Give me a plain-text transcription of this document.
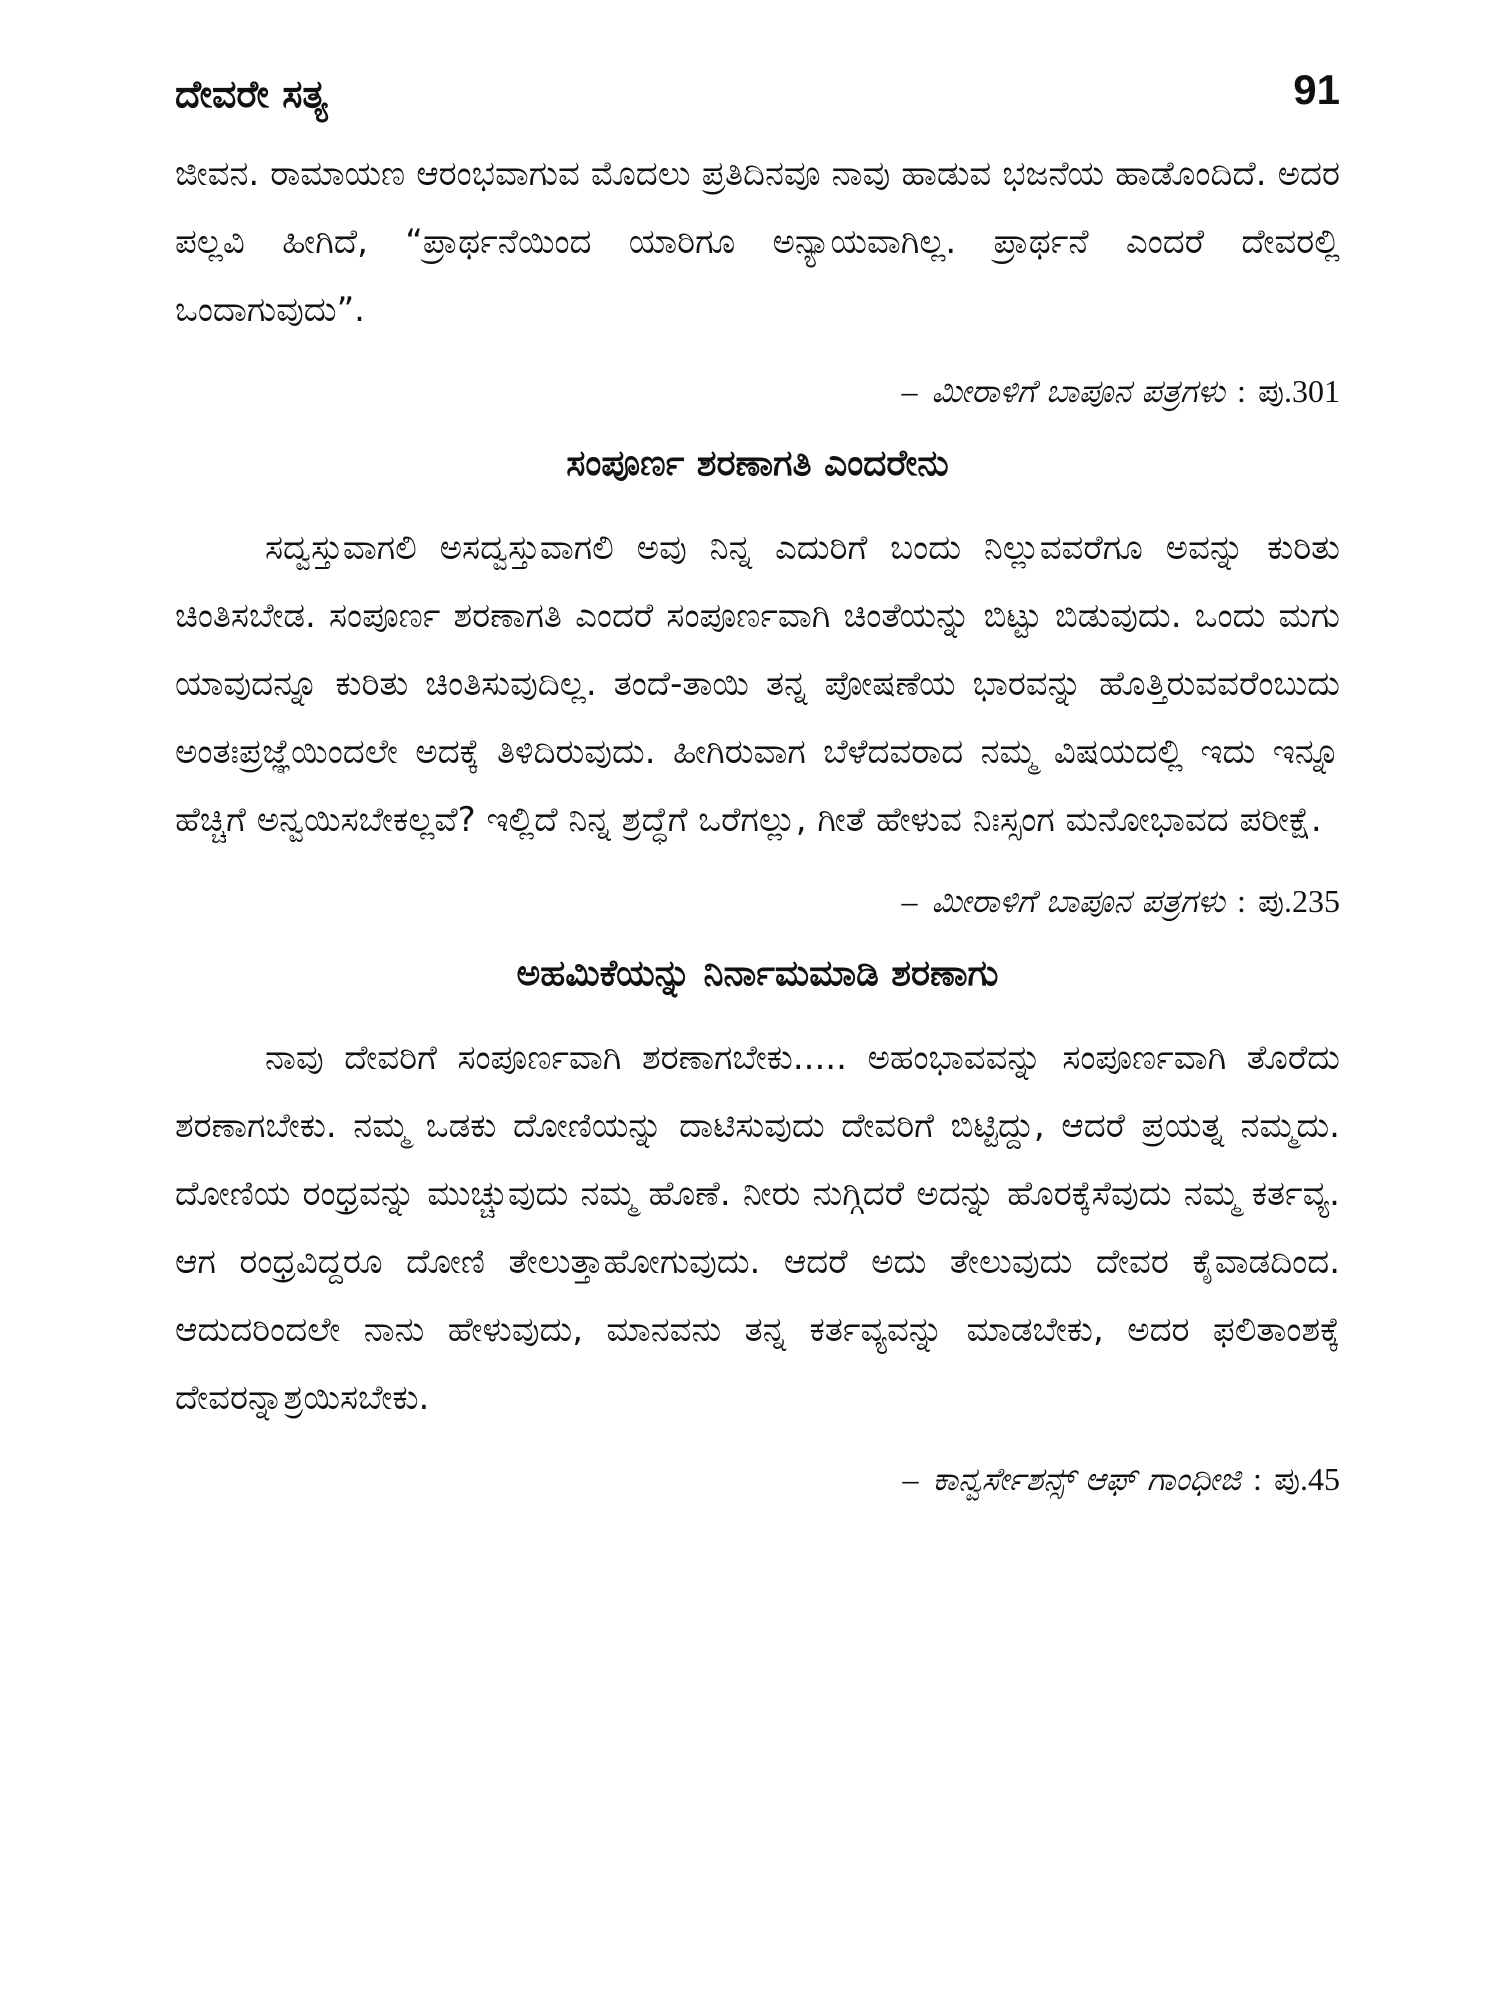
ದೇವರೇ ಸತ್ಯ	91

ಜೀವನ. ರಾಮಾಯಣ ಆರಂಭವಾಗುವ ಮೊದಲು ಪ್ರತಿದಿನವೂ ನಾವು ಹಾಡುವ ಭಜನೆಯ ಹಾಡೊಂದಿದೆ. ಅದರ ಪಲ್ಲವಿ ಹೀಗಿದೆ, “ಪ್ರಾರ್ಥನೆಯಿಂದ ಯಾರಿಗೂ ಅನ್ಯಾಯವಾಗಿಲ್ಲ. ಪ್ರಾರ್ಥನೆ ಎಂದರೆ ದೇವರಲ್ಲಿ ಒಂದಾಗುವುದು”.

– ಮೀರಾಳಿಗೆ ಬಾಪೂನ ಪತ್ರಗಳು : ಪು.301
ಸಂಪೂರ್ಣ ಶರಣಾಗತಿ ಎಂದರೇನು

ಸದ್ವಸ್ತುವಾಗಲಿ ಅಸದ್ವಸ್ತುವಾಗಲಿ ಅವು ನಿನ್ನ ಎದುರಿಗೆ ಬಂದು ನಿಲ್ಲುವವರೆಗೂ ಅವನ್ನು ಕುರಿತು ಚಿಂತಿಸಬೇಡ. ಸಂಪೂರ್ಣ ಶರಣಾಗತಿ ಎಂದರೆ ಸಂಪೂರ್ಣವಾಗಿ ಚಿಂತೆಯನ್ನು ಬಿಟ್ಟು ಬಿಡುವುದು. ಒಂದು ಮಗು ಯಾವುದನ್ನೂ ಕುರಿತು ಚಿಂತಿಸುವುದಿಲ್ಲ. ತಂದೆ-ತಾಯಿ ತನ್ನ ಪೋಷಣೆಯ ಭಾರವನ್ನು ಹೊತ್ತಿರುವವರೆಂಬುದು ಅಂತಃಪ್ರಜ್ಞೆಯಿಂದಲೇ ಅದಕ್ಕೆ ತಿಳಿದಿರುವುದು. ಹೀಗಿರುವಾಗ ಬೆಳೆದವರಾದ ನಮ್ಮ ವಿಷಯದಲ್ಲಿ ಇದು ಇನ್ನೂ ಹೆಚ್ಚಿಗೆ ಅನ್ವಯಿಸಬೇಕಲ್ಲವೆ? ಇಲ್ಲಿದೆ ನಿನ್ನ ಶ್ರದ್ಧೆಗೆ ಒರೆಗಲ್ಲು, ಗೀತೆ ಹೇಳುವ ನಿಃಸ್ಸಂಗ ಮನೋಭಾವದ ಪರೀಕ್ಷೆ.

– ಮೀರಾಳಿಗೆ ಬಾಪೂನ ಪತ್ರಗಳು : ಪು.235
ಅಹಮಿಕೆಯನ್ನು ನಿರ್ನಾಮಮಾಡಿ ಶರಣಾಗು

ನಾವು ದೇವರಿಗೆ ಸಂಪೂರ್ಣವಾಗಿ ಶರಣಾಗಬೇಕು..... ಅಹಂಭಾವವನ್ನು ಸಂಪೂರ್ಣವಾಗಿ ತೊರೆದು ಶರಣಾಗಬೇಕು. ನಮ್ಮ ಒಡಕು ದೋಣಿಯನ್ನು ದಾಟಿಸುವುದು ದೇವರಿಗೆ ಬಿಟ್ಟಿದ್ದು, ಆದರೆ ಪ್ರಯತ್ನ ನಮ್ಮದು. ದೋಣಿಯ ರಂಧ್ರವನ್ನು ಮುಚ್ಚುವುದು ನಮ್ಮ ಹೊಣೆ. ನೀರು ನುಗ್ಗಿದರೆ ಅದನ್ನು ಹೊರಕ್ಕೆಸೆವುದು ನಮ್ಮ ಕರ್ತವ್ಯ. ಆಗ ರಂಧ್ರವಿದ್ದರೂ ದೋಣಿ ತೇಲುತ್ತಾಹೋಗುವುದು. ಆದರೆ ಅದು ತೇಲುವುದು ದೇವರ ಕೈವಾಡದಿಂದ. ಆದುದರಿಂದಲೇ ನಾನು ಹೇಳುವುದು, ಮಾನವನು ತನ್ನ ಕರ್ತವ್ಯವನ್ನು ಮಾಡಬೇಕು, ಅದರ ಫಲಿತಾಂಶಕ್ಕೆ ದೇವರನ್ನಾಶ್ರಯಿಸಬೇಕು.

– ಕಾನ್ವರ್ಸೇಶನ್ಸ್ ಆಫ್ ಗಾಂಧೀಜಿ : ಪು.45
